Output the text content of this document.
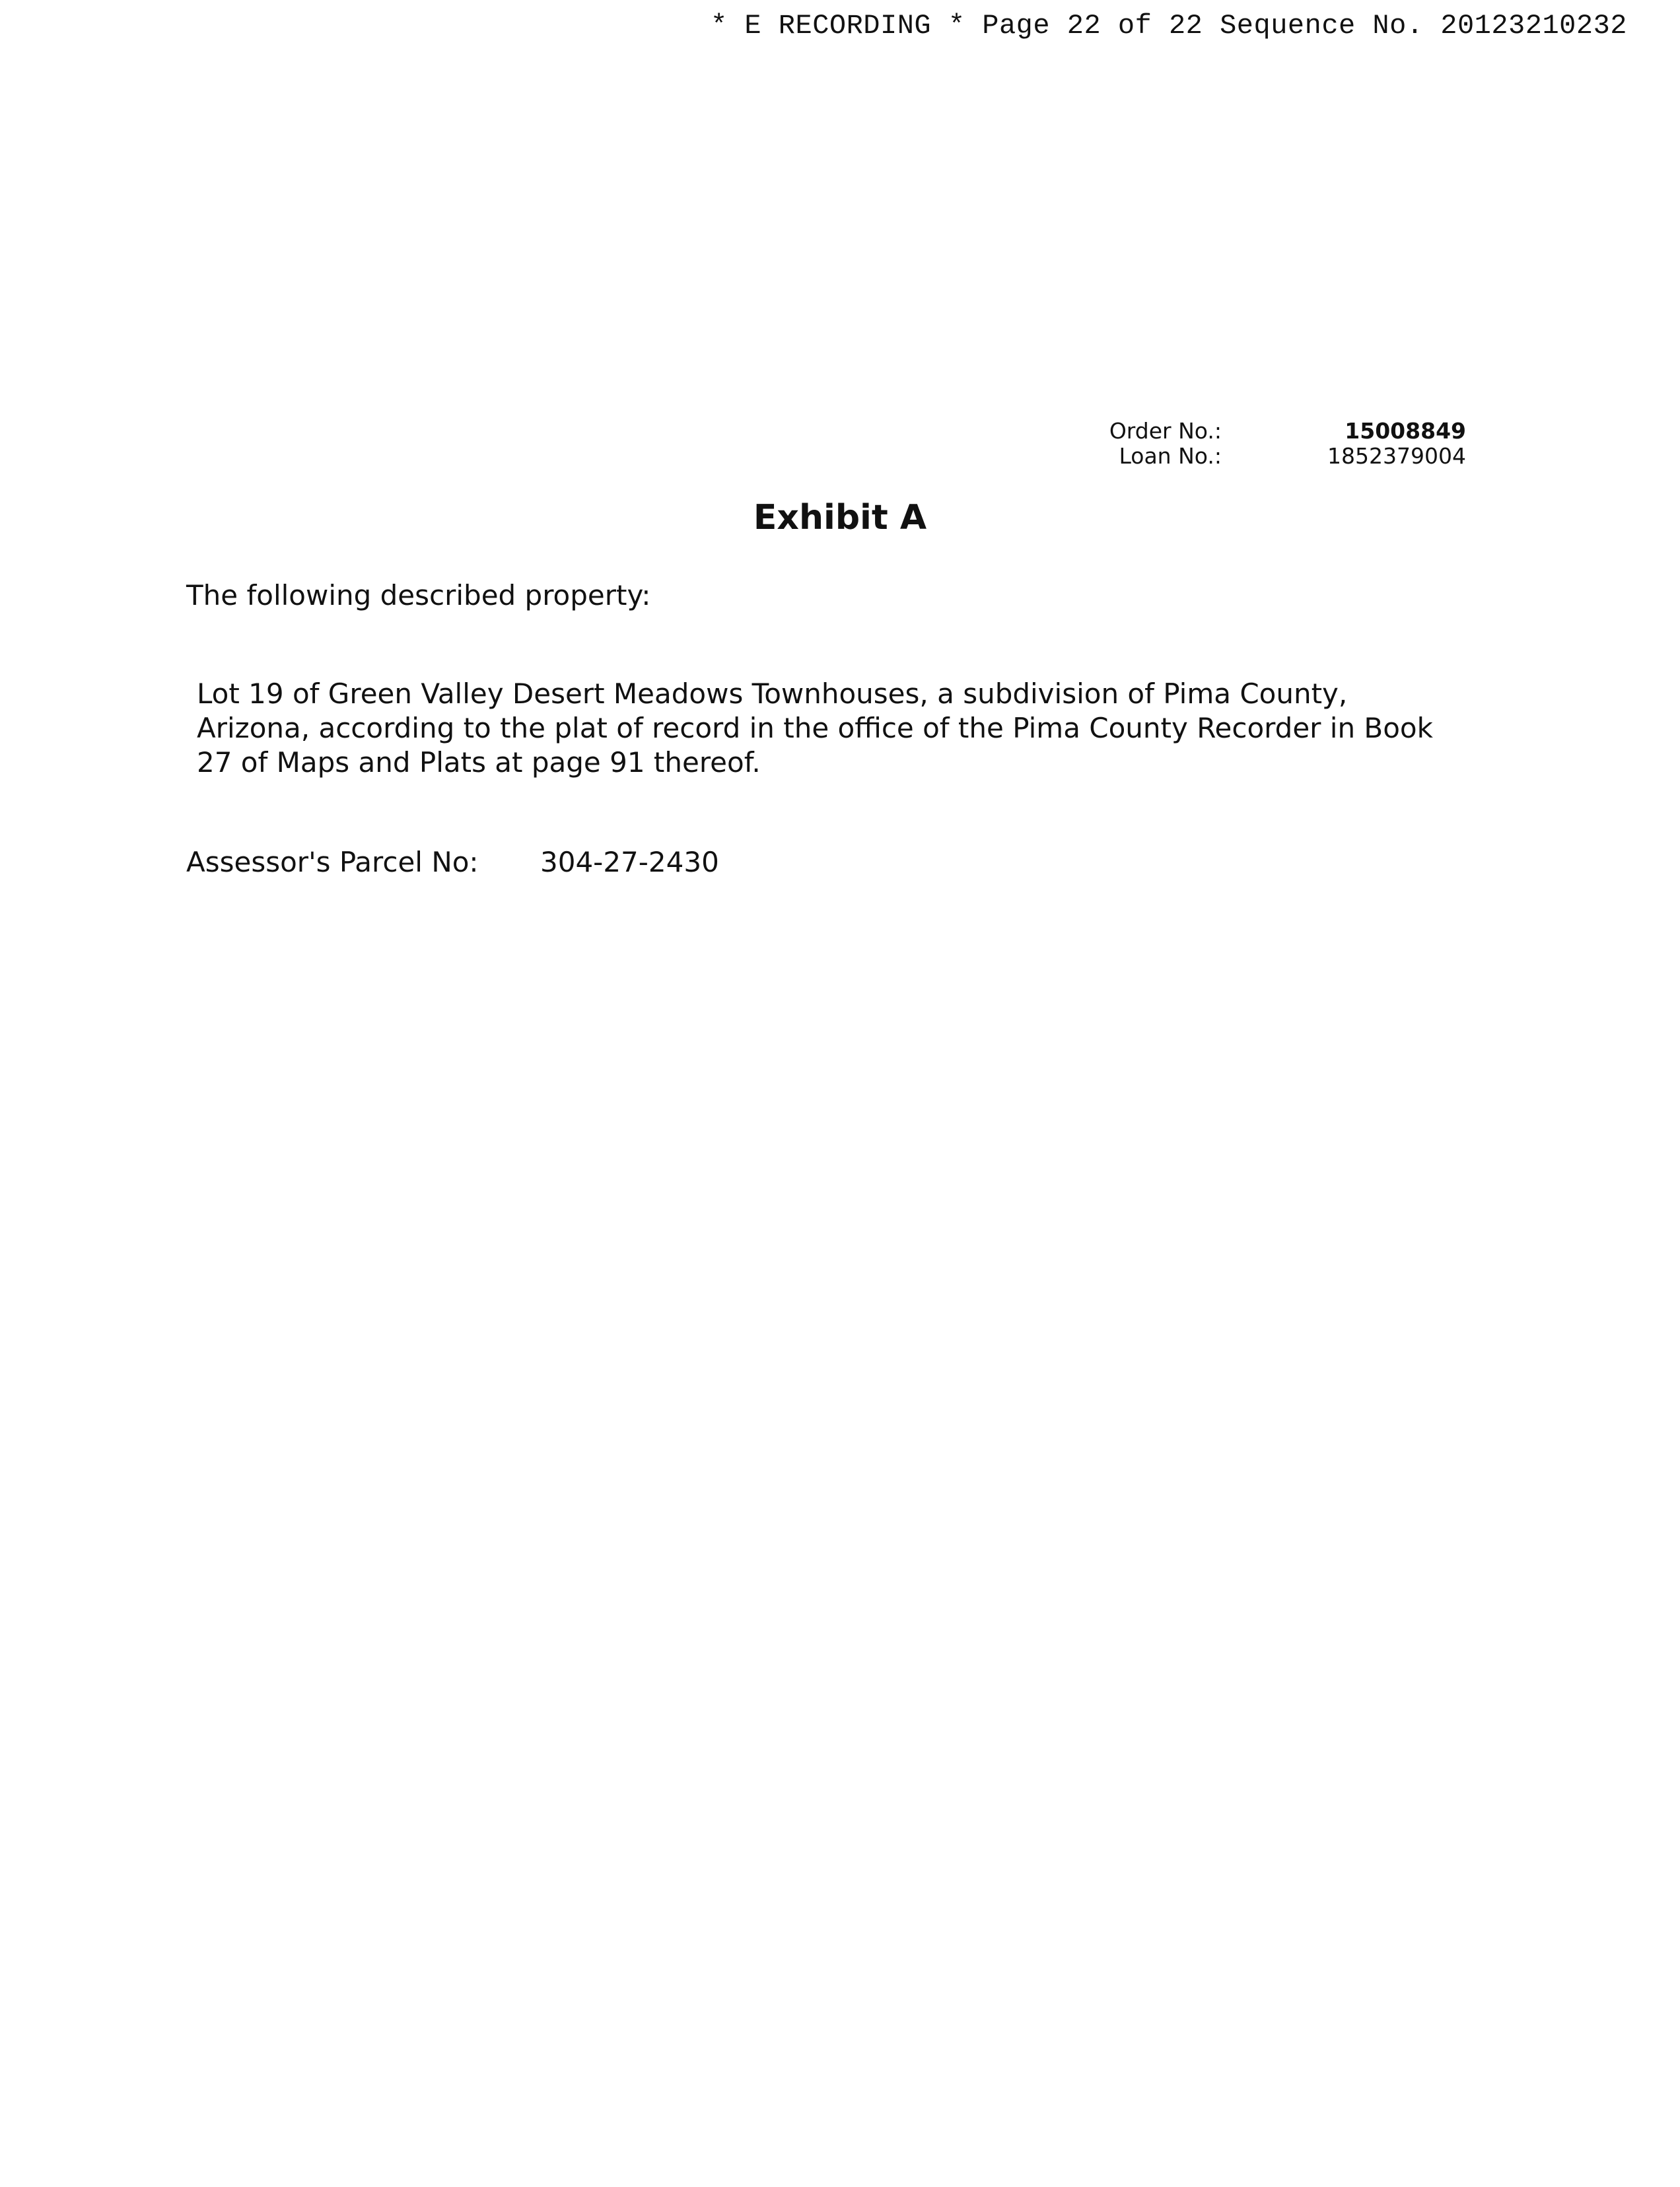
* E RECORDING * Page 22 of 22 Sequence No. 20123210232
Order No.:	15008849
Loan No.:	1852379004
Exhibit A
The following described property:
Lot 19 of Green Valley Desert Meadows Townhouses, a subdivision of Pima County,
Arizona, according to the plat of record in the office of the Pima County Recorder in Book
27 of Maps and Plats at page 91 thereof.
Assessor's Parcel No:	304-27-2430
